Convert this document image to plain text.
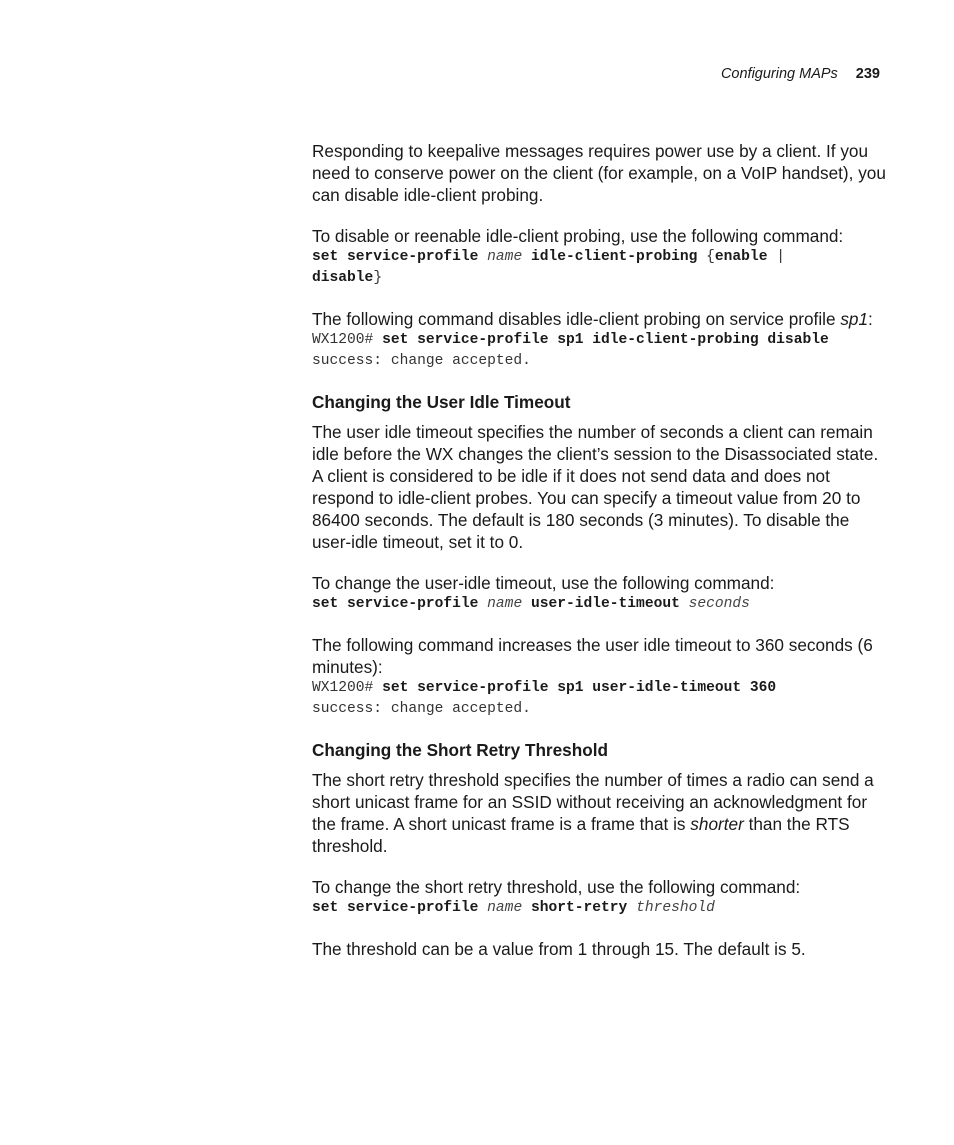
Configuring MAPs 239

Responding to keepalive messages requires power use by a client. If you need to conserve power on the client (for example, on a VoIP handset), you can disable idle-client probing.

To disable or reenable idle-client probing, use the following command:

set service-profile name idle-client-probing {enable |
disable}

The following command disables idle-client probing on service profile sp1:

WX1200# set service-profile sp1 idle-client-probing disable
success: change accepted.
Changing the User Idle Timeout

The user idle timeout specifies the number of seconds a client can remain idle before the WX changes the client’s session to the Disassociated state. A client is considered to be idle if it does not send data and does not respond to idle-client probes. You can specify a timeout value from 20 to 86400 seconds. The default is 180 seconds (3 minutes). To disable the user-idle timeout, set it to 0.

To change the user-idle timeout, use the following command:

set service-profile name user-idle-timeout seconds

The following command increases the user idle timeout to 360 seconds (6 minutes):

WX1200# set service-profile sp1 user-idle-timeout 360
success: change accepted.
Changing the Short Retry Threshold

The short retry threshold specifies the number of times a radio can send a short unicast frame for an SSID without receiving an acknowledgment for the frame. A short unicast frame is a frame that is shorter than the RTS threshold.

To change the short retry threshold, use the following command:

set service-profile name short-retry threshold

The threshold can be a value from 1 through 15. The default is 5.
